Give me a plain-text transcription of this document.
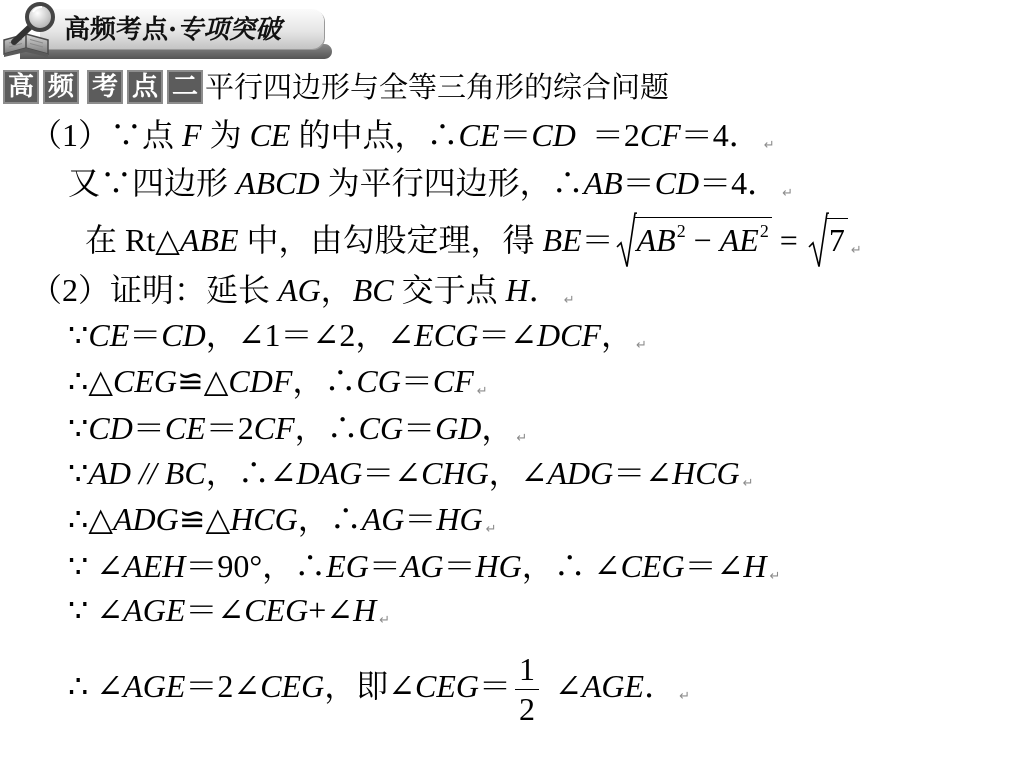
高频考点·专项突破
高 频 考 点 二 平行四边形与全等三角形的综合问题
（1）∵点 F 为 CE 的中点，∴CE＝CD  ＝2CF＝4． ↵
又∵四边形 ABCD 为平行四边形，∴AB＝CD＝4． ↵
在 Rt△ABE 中，由勾股定理，得 $BE= AB^2 - AE^2$ =
7 ↵
（2）证明：延长 AG，BC 交于点 H． ↵
∵CE＝CD，∠1＝∠2，∠ECG＝∠DCF， ↵
∴△CEG≌△CDF，∴CG＝CF ↵
∵CD＝CE＝2CF，∴CG＝GD， ↵
∵AD // BC，∴∠DAG＝∠CHG，∠ADG＝∠HCG ↵
∴△ADG≌△HCG，∴AG＝HG ↵
∵ ∠AEH＝90°，∴EG＝AG＝HG，∴ ∠CEG＝∠H ↵
∵ ∠AGE＝∠CEG+∠H ↵
∴ ∠AGE＝2∠CEG，即∠CEG＝ $\frac{1}{2}$ ∠AGE． ↵
